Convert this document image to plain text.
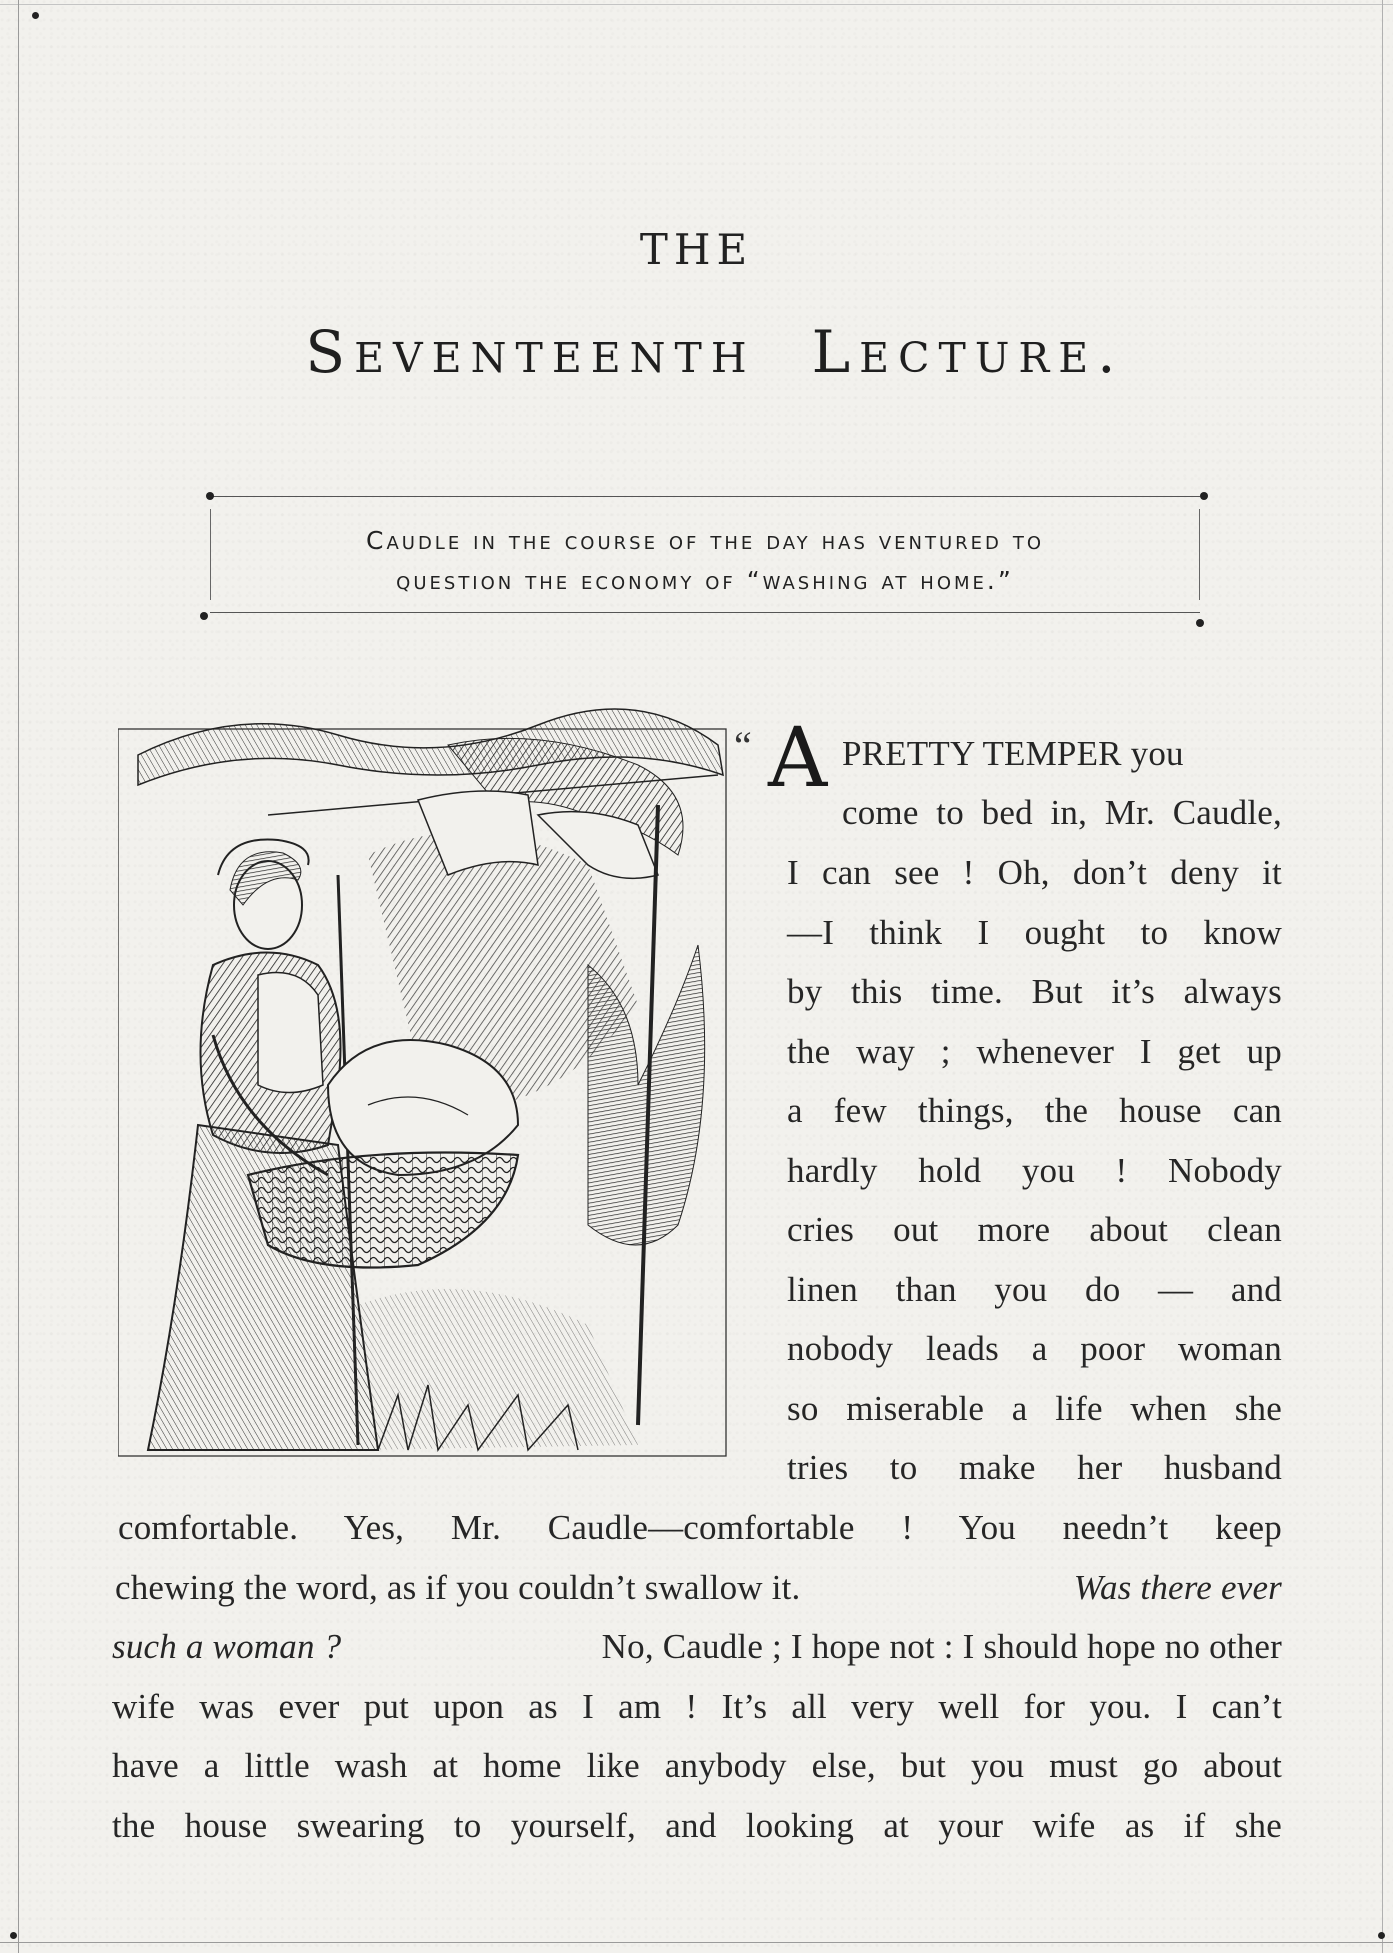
THE
Seventeenth Lecture.
Caudle in the course of the day has ventured to
question the economy of “washing at home.”
“ A PRETTY TEMPER you
come to bed in, Mr. Caudle,
I can see ! Oh, don’t deny it
—I think I ought to know
by this time. But it’s always
the way ; whenever I get up
a few things, the house can
hardly hold you ! Nobody
cries out more about clean
linen than you do — and
nobody leads a poor woman
so miserable a life when she
tries to make her husband
comfortable. Yes, Mr. Caudle—comfortable ! You needn’t keep
chewing the word, as if you couldn’t swallow it.	Was there ever
such a woman ?	No, Caudle ; I hope not : I should hope no other
wife was ever put upon as I am ! It’s all very well for you. I can’t
have a little wash at home like anybody else, but you must go about
the house swearing to yourself, and looking at your wife as if she
